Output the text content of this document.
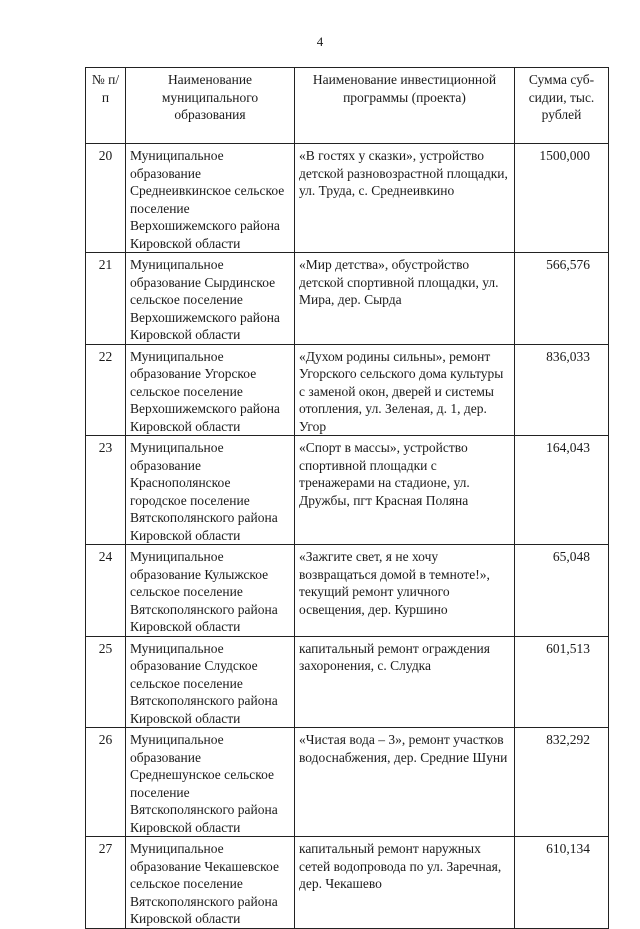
4
№ п/п	Наименование муниципального образования	Наименование инвестиционной программы (проекта)	Сумма суб-сидии, тыс. рублей
20	Муниципальное образование Среднеивкинское сельское поселение Верхошижемского района Кировской области	«В гостях у сказки», устройство детской разновозрастной площадки, ул. Труда, с. Среднеивкино	1500,000
21	Муниципальное образование Сырдинское сельское поселение Верхошижемского района Кировской области	«Мир детства», обустройство детской спортивной площадки, ул. Мира, дер. Сырда	566,576
22	Муниципальное образование Угорское сельское поселение Верхошижемского района Кировской области	«Духом родины сильны», ремонт Угорского сельского дома культуры с заменой окон, дверей и системы отопления, ул. Зеленая, д. 1, дер. Угор	836,033
23	Муниципальное образование Краснополянское городское поселение Вятскополянского района Кировской области	«Спорт в массы», устройство спортивной площадки с тренажерами на стадионе, ул. Дружбы, пгт Красная Поляна	164,043
24	Муниципальное образование Кулыжское сельское поселение Вятскополянского района Кировской области	«Зажгите свет, я не хочу возвращаться домой в темноте!», текущий ремонт уличного освещения, дер. Куршино	65,048
25	Муниципальное образование Слудское сельское поселение Вятскополянского района Кировской области	капитальный ремонт ограждения захоронения, с. Слудка	601,513
26	Муниципальное образование Среднешунское сельское поселение Вятскополянского района Кировской области	«Чистая вода – 3», ремонт участков водоснабжения, дер. Средние Шуни	832,292
27	Муниципальное образование Чекашевское сельское поселение Вятскополянского района Кировской области	капитальный ремонт наружных сетей водопровода по ул. Заречная, дер. Чекашево	610,134
